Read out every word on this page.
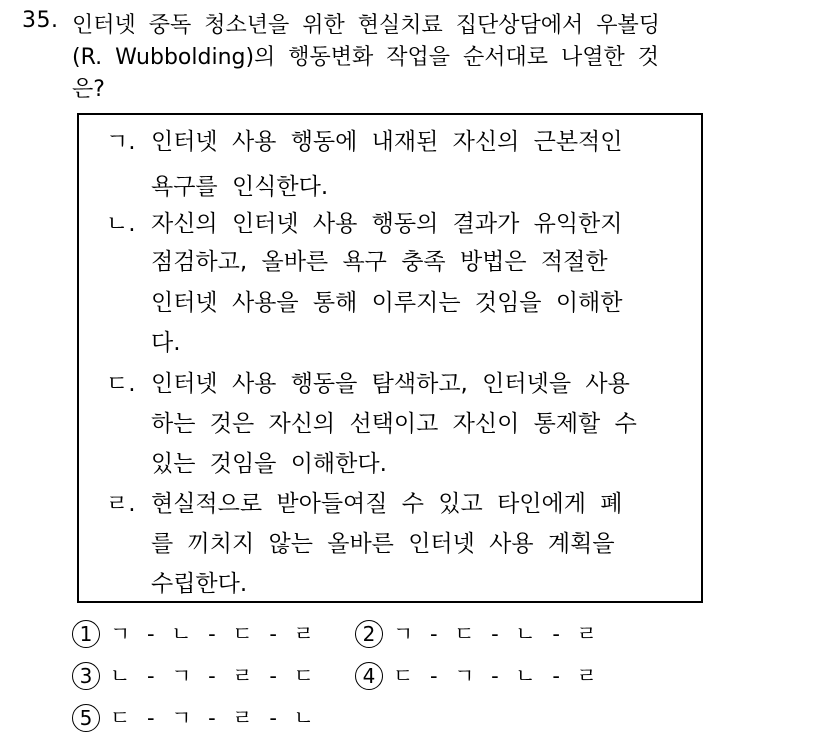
35. 인터넷 중독 청소년을 위한 현실치료 집단상담에서 우볼딩
(R. Wubbolding)의 행동변화 작업을 순서대로 나열한 것
은?
ㄱ. 인터넷 사용 행동에 내재된 자신의 근본적인
욕구를 인식한다.
ㄴ. 자신의 인터넷 사용 행동의 결과가 유익한지
점검하고, 올바른 욕구 충족 방법은 적절한
인터넷 사용을 통해 이루지는 것임을 이해한
다.
ㄷ. 인터넷 사용 행동을 탐색하고, 인터넷을 사용
하는 것은 자신의 선택이고 자신이 통제할 수
있는 것임을 이해한다.
ㄹ. 현실적으로 받아들여질 수 있고 타인에게 폐
를 끼치지 않는 올바른 인터넷 사용 계획을
수립한다.
1 ㄱ - ㄴ - ㄷ - ㄹ	2 ㄱ - ㄷ - ㄴ - ㄹ
3 ㄴ - ㄱ - ㄹ - ㄷ	4 ㄷ - ㄱ - ㄴ - ㄹ
5 ㄷ - ㄱ - ㄹ - ㄴ
